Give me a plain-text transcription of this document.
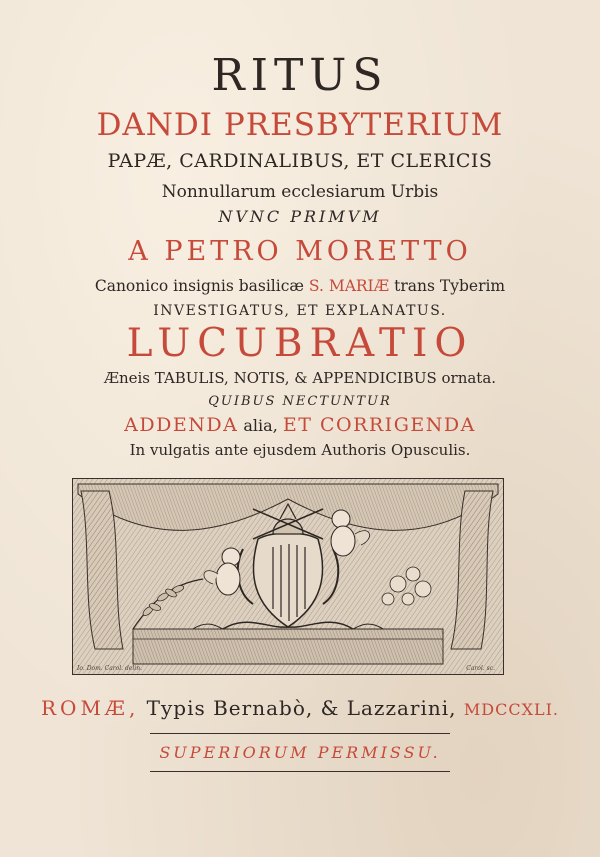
RITUS
DANDI PRESBYTERIUM
PAPÆ, CARDINALIBUS, ET CLERICIS
Nonnullarum ecclesiarum Urbis
NVNC PRIMVM
A PETRO MORETTO
Canonico insignis basilicæ S. MARIÆ trans Tyberim
INVESTIGATUS, ET EXPLANATUS.
LUCUBRATIO
Æneis TABULIS, NOTIS, & APPENDICIBUS ornata.
QUIBUS NECTUNTUR
ADDENDA alia, ET CORRIGENDA
In vulgatis ante ejusdem Authoris Opusculis.
Io. Dom. Carol. delin.	Carol. sc.
ROMÆ, Typis Bernabò, & Lazzarini, MDCCXLI.
SUPERIORUM PERMISSU.
